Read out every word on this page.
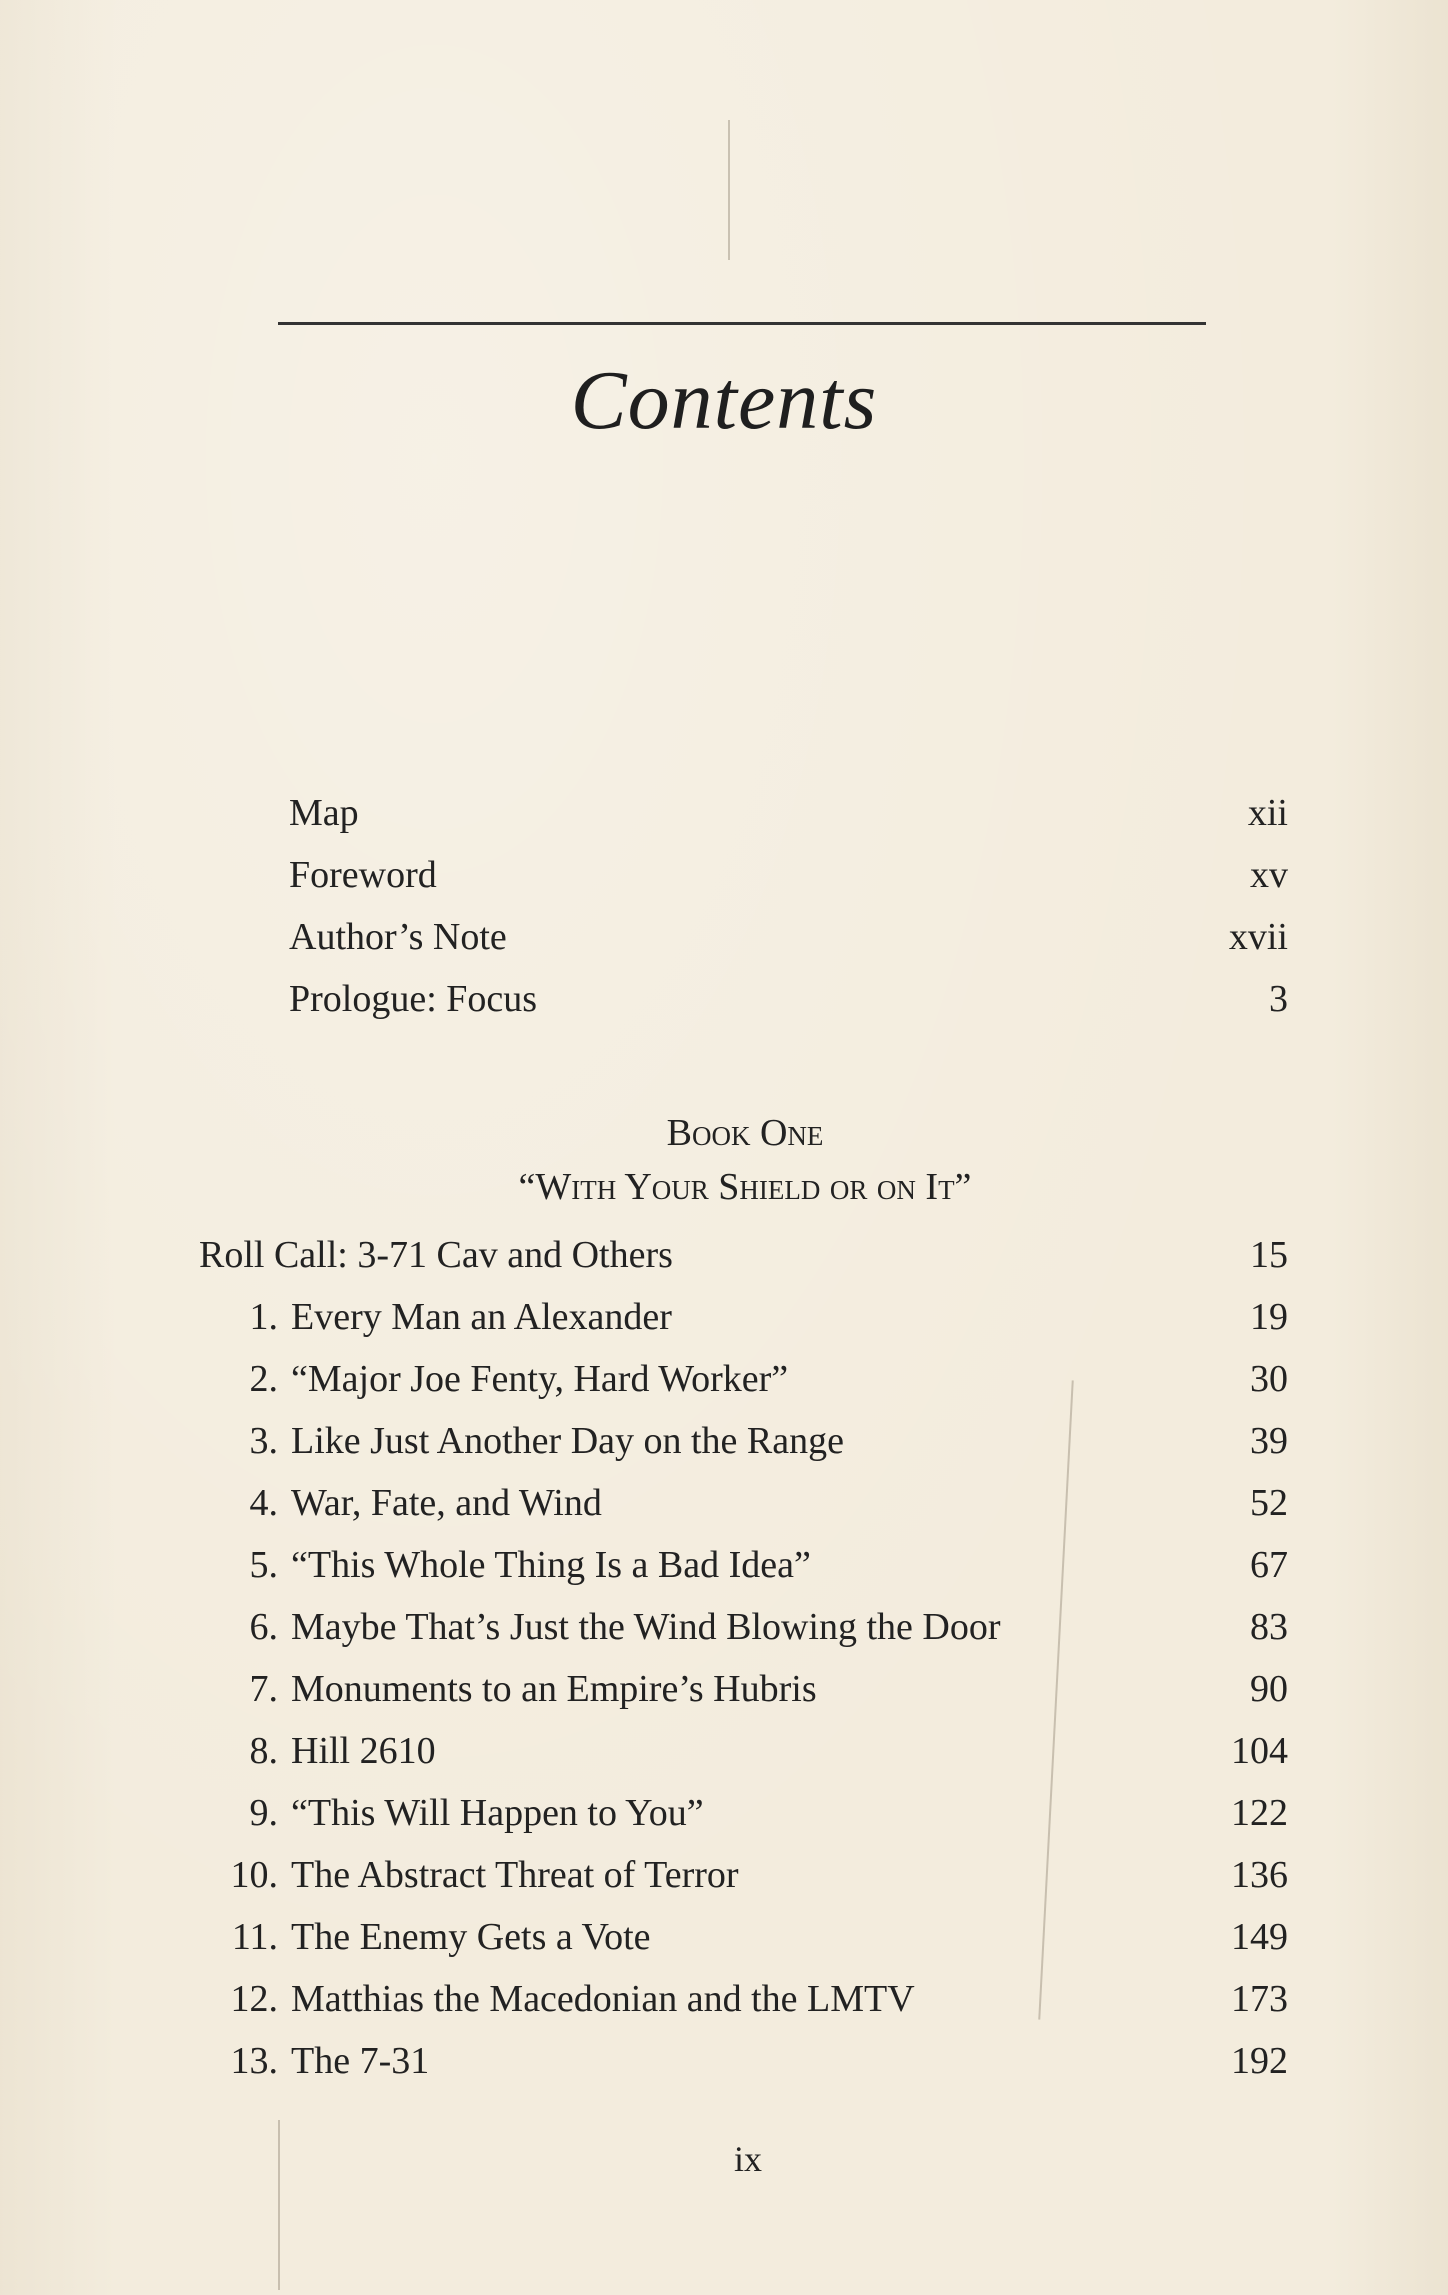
Contents
Map	xii
Foreword	xv
Author’s Note	xvii
Prologue: Focus	3
Book One
“With Your Shield or on It”
Roll Call: 3-71 Cav and Others	15
1. Every Man an Alexander	19
2. “Major Joe Fenty, Hard Worker”	30
3. Like Just Another Day on the Range	39
4. War, Fate, and Wind	52
5. “This Whole Thing Is a Bad Idea”	67
6. Maybe That’s Just the Wind Blowing the Door	83
7. Monuments to an Empire’s Hubris	90
8. Hill 2610	104
9. “This Will Happen to You”	122
10. The Abstract Threat of Terror	136
11. The Enemy Gets a Vote	149
12. Matthias the Macedonian and the LMTV	173
13. The 7-31	192
ix
